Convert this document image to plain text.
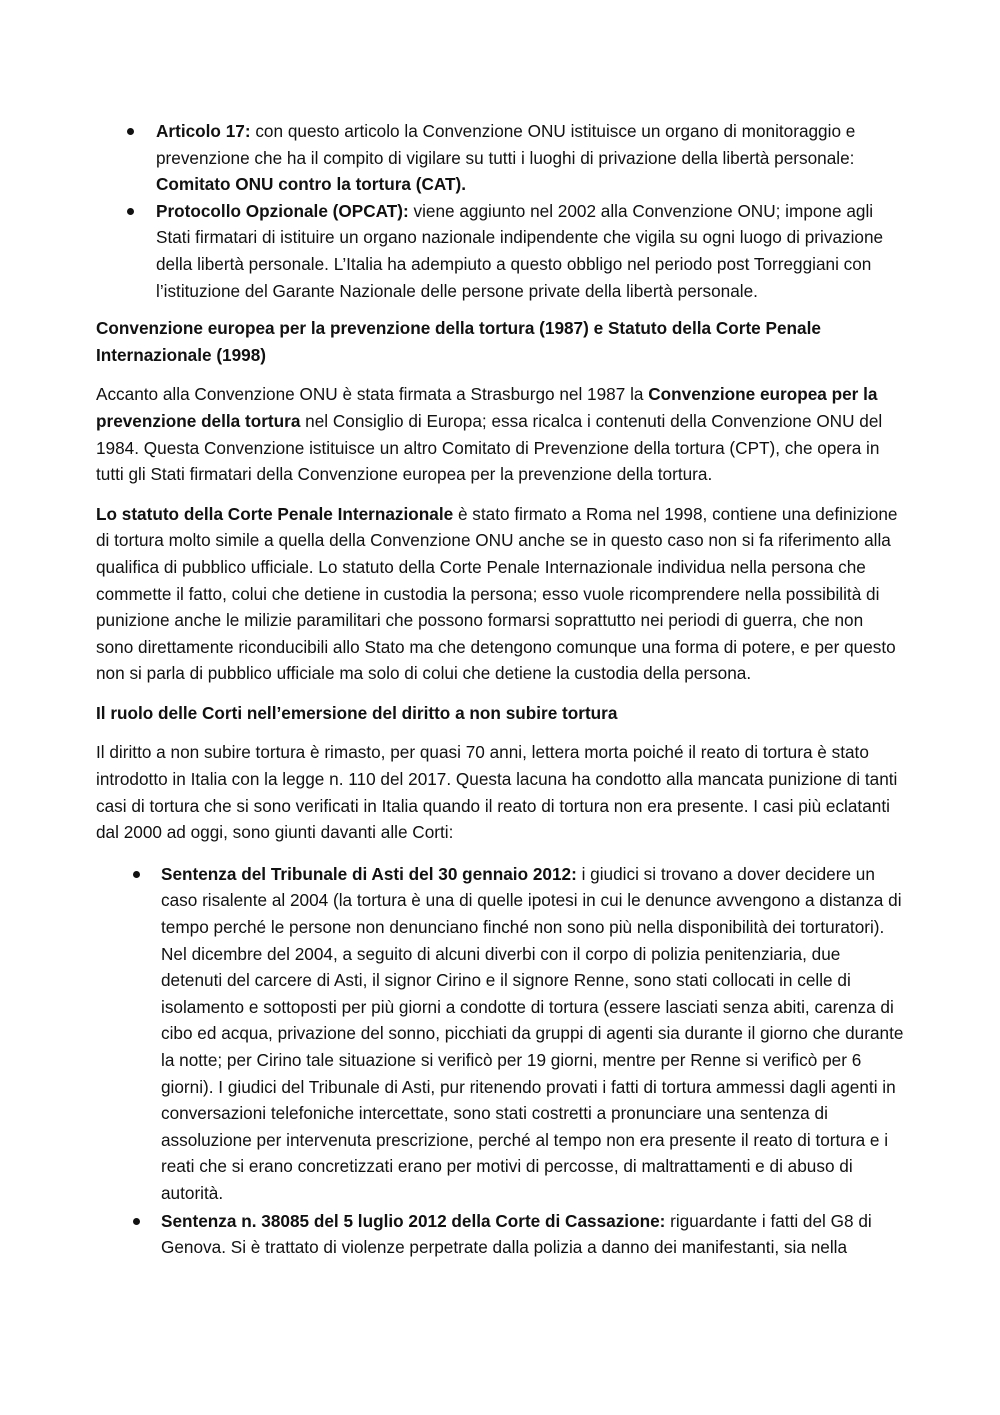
Articolo 17: con questo articolo la Convenzione ONU istituisce un organo di monitoraggio e prevenzione che ha il compito di vigilare su tutti i luoghi di privazione della libertà personale: Comitato ONU contro la tortura (CAT).
Protocollo Opzionale (OPCAT): viene aggiunto nel 2002 alla Convenzione ONU; impone agli Stati firmatari di istituire un organo nazionale indipendente che vigila su ogni luogo di privazione della libertà personale. L’Italia ha adempiuto a questo obbligo nel periodo post Torreggiani con l’istituzione del Garante Nazionale delle persone private della libertà personale.

Convenzione europea per la prevenzione della tortura (1987) e Statuto della Corte Penale Internazionale (1998)

Accanto alla Convenzione ONU è stata firmata a Strasburgo nel 1987 la Convenzione europea per la prevenzione della tortura nel Consiglio di Europa; essa ricalca i contenuti della Convenzione ONU del 1984. Questa Convenzione istituisce un altro Comitato di Prevenzione della tortura (CPT), che opera in tutti gli Stati firmatari della Convenzione europea per la prevenzione della tortura.

Lo statuto della Corte Penale Internazionale è stato firmato a Roma nel 1998, contiene una definizione di tortura molto simile a quella della Convenzione ONU anche se in questo caso non si fa riferimento alla qualifica di pubblico ufficiale. Lo statuto della Corte Penale Internazionale individua nella persona che commette il fatto, colui che detiene in custodia la persona; esso vuole ricomprendere nella possibilità di punizione anche le milizie paramilitari che possono formarsi soprattutto nei periodi di guerra, che non sono direttamente riconducibili allo Stato ma che detengono comunque una forma di potere, e per questo non si parla di pubblico ufficiale ma solo di colui che detiene la custodia della persona.

Il ruolo delle Corti nell’emersione del diritto a non subire tortura

Il diritto a non subire tortura è rimasto, per quasi 70 anni, lettera morta poiché il reato di tortura è stato introdotto in Italia con la legge n. 110 del 2017. Questa lacuna ha condotto alla mancata punizione di tanti casi di tortura che si sono verificati in Italia quando il reato di tortura non era presente. I casi più eclatanti dal 2000 ad oggi, sono giunti davanti alle Corti:

Sentenza del Tribunale di Asti del 30 gennaio 2012: i giudici si trovano a dover decidere un caso risalente al 2004 (la tortura è una di quelle ipotesi in cui le denunce avvengono a distanza di tempo perché le persone non denunciano finché non sono più nella disponibilità dei torturatori). Nel dicembre del 2004, a seguito di alcuni diverbi con il corpo di polizia penitenziaria, due detenuti del carcere di Asti, il signor Cirino e il signore Renne, sono stati collocati in celle di isolamento e sottoposti per più giorni a condotte di tortura (essere lasciati senza abiti, carenza di cibo ed acqua, privazione del sonno, picchiati da gruppi di agenti sia durante il giorno che durante la notte; per Cirino tale situazione si verificò per 19 giorni, mentre per Renne si verificò per 6 giorni). I giudici del Tribunale di Asti, pur ritenendo provati i fatti di tortura ammessi dagli agenti in conversazioni telefoniche intercettate, sono stati costretti a pronunciare una sentenza di assoluzione per intervenuta prescrizione, perché al tempo non era presente il reato di tortura e i reati che si erano concretizzati erano per motivi di percosse, di maltrattamenti e di abuso di autorità.
Sentenza n. 38085 del 5 luglio 2012 della Corte di Cassazione: riguardante i fatti del G8 di Genova. Si è trattato di violenze perpetrate dalla polizia a danno dei manifestanti, sia nella
